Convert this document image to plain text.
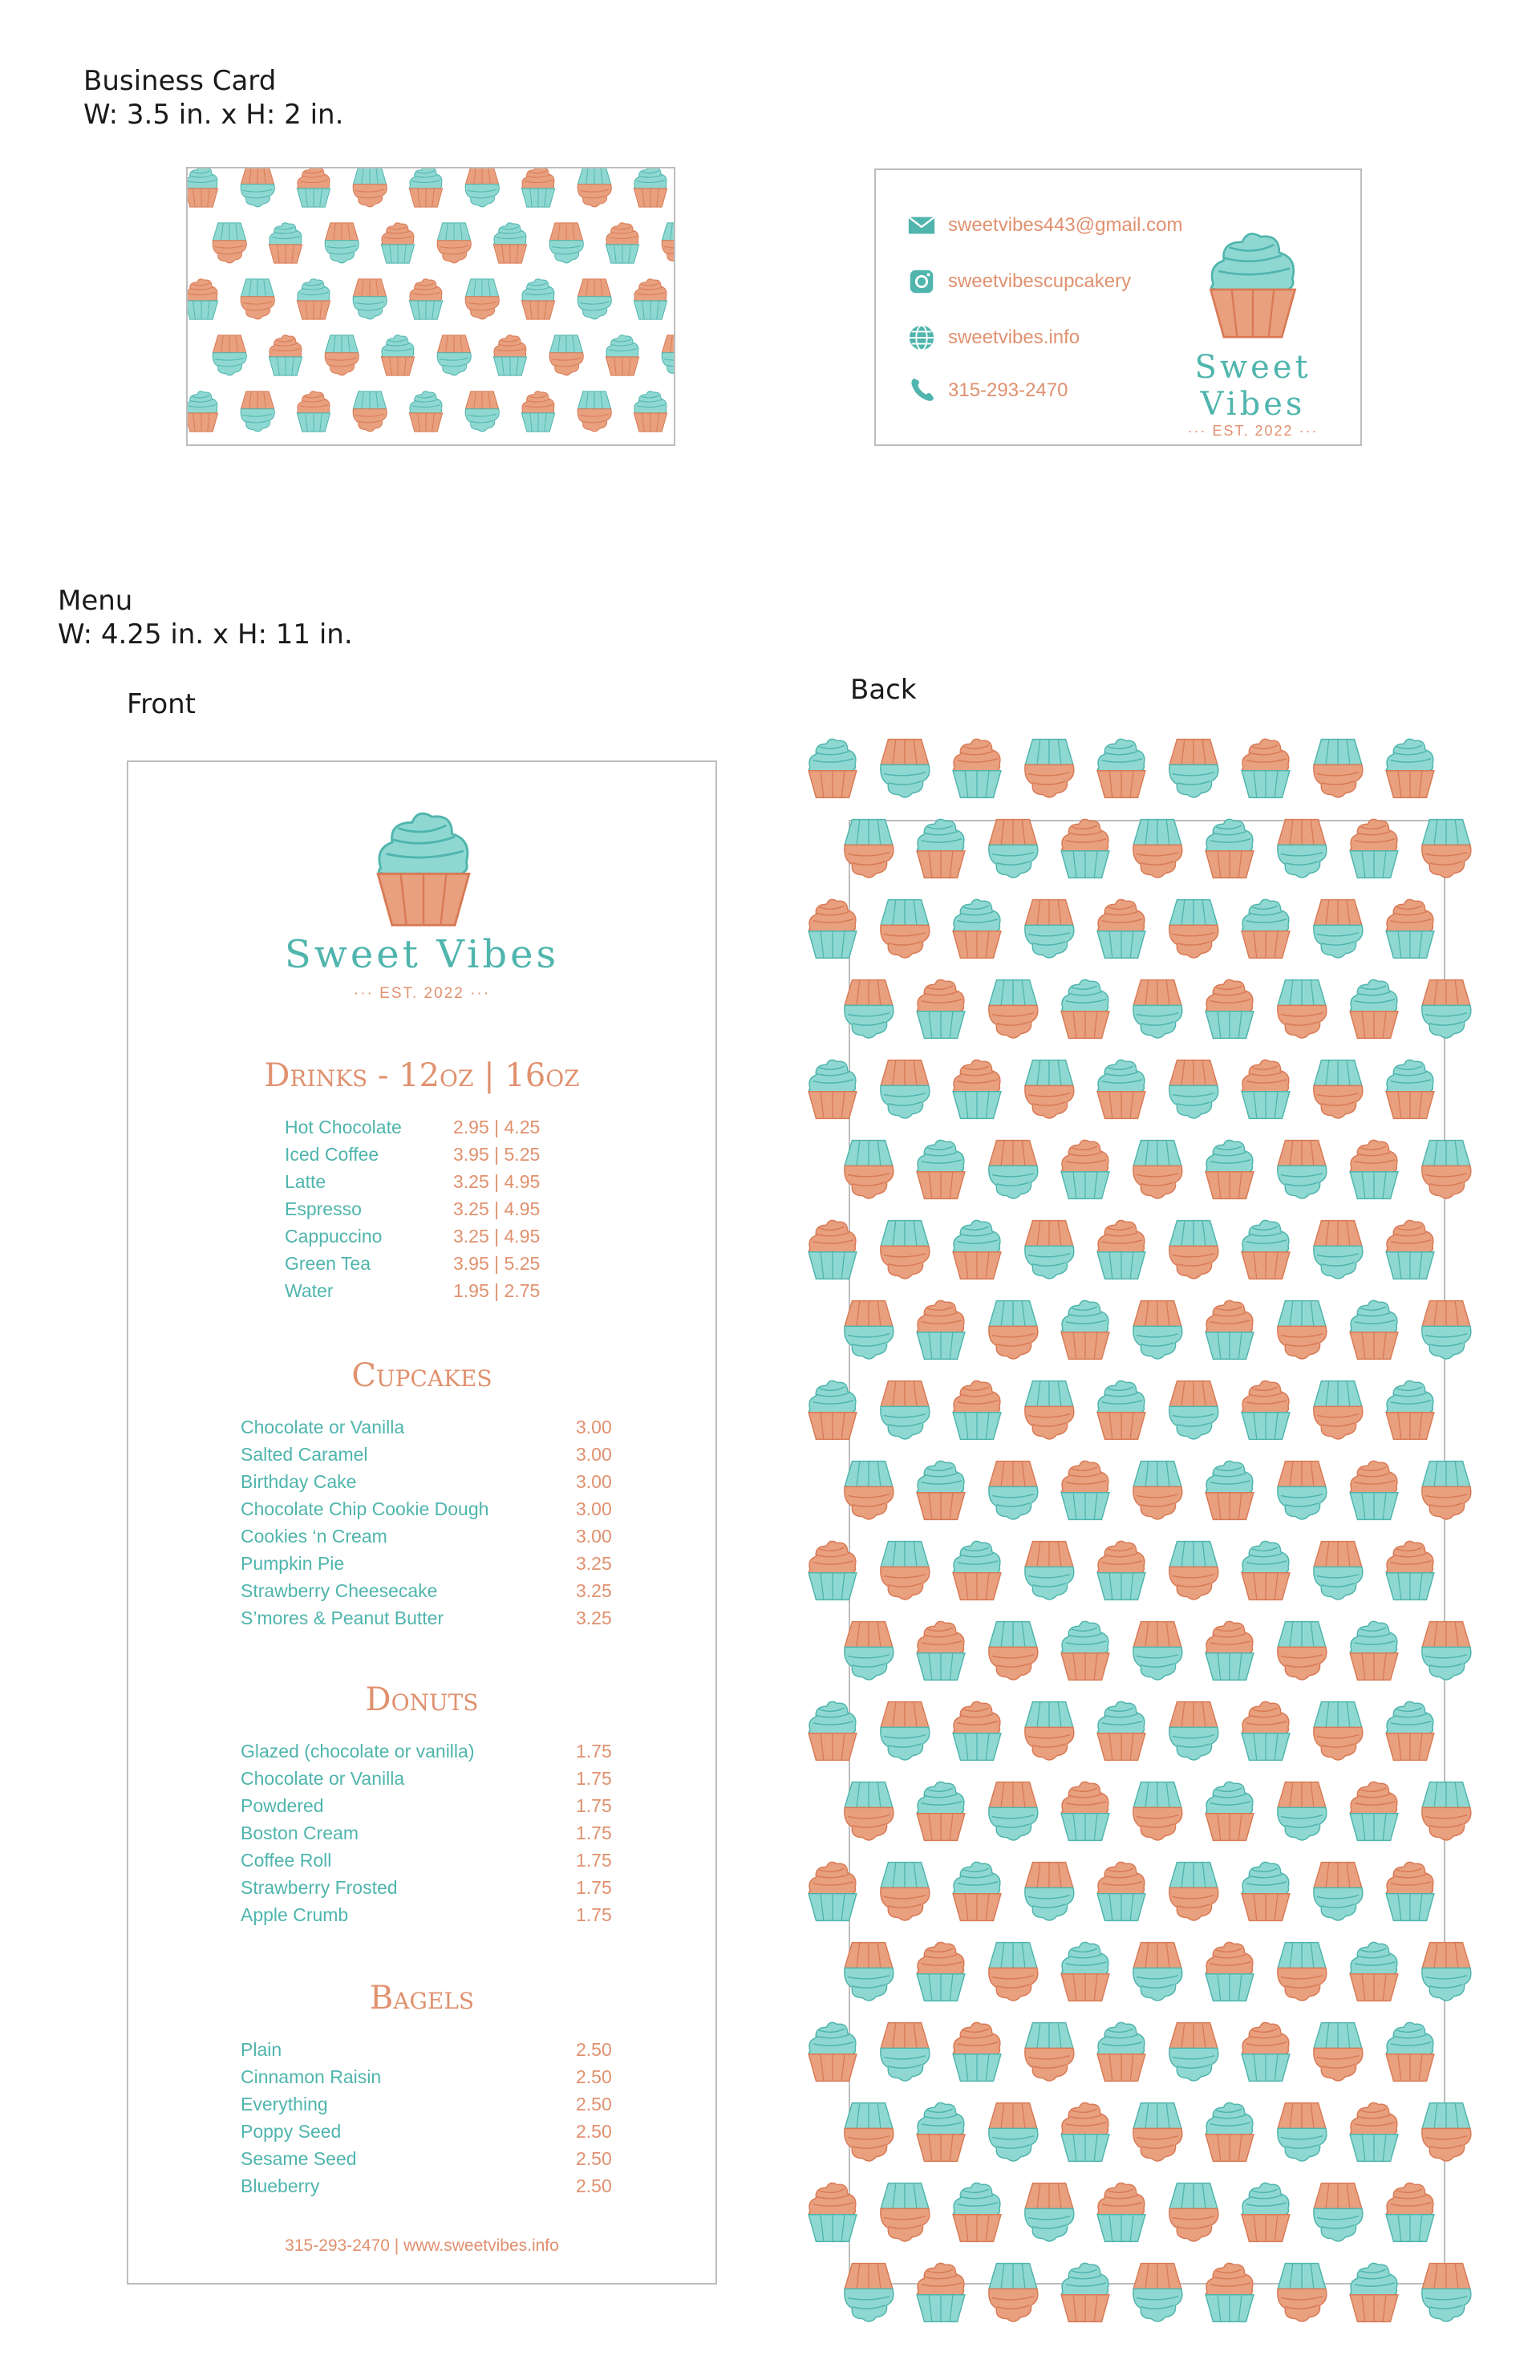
Business Card
W: 3.5 in. x H: 2 in.
sweetvibes443@gmail.com
sweetvibescupcakery
sweetvibes.info
315-293-2470
Sweet Vibes
··· EST. 2022 ···
Menu
W: 4.25 in. x H: 11 in.
Front	Back
Sweet Vibes
··· EST. 2022 ···
Drinks - 12oz | 16oz
Hot Chocolate	2.95 | 4.25
Iced Coffee	3.95 | 5.25
Latte	3.25 | 4.95
Espresso	3.25 | 4.95
Cappuccino	3.25 | 4.95
Green Tea	3.95 | 5.25
Water	1.95 | 2.75
Cupcakes
Chocolate or Vanilla	3.00
Salted Caramel	3.00
Birthday Cake	3.00
Chocolate Chip Cookie Dough	3.00
Cookies ‘n Cream	3.00
Pumpkin Pie	3.25
Strawberry Cheesecake	3.25
S’mores & Peanut Butter	3.25
Donuts
Glazed (chocolate or vanilla)	1.75
Chocolate or Vanilla	1.75
Powdered	1.75
Boston Cream	1.75
Coffee Roll	1.75
Strawberry Frosted	1.75
Apple Crumb	1.75
Bagels
Plain	2.50
Cinnamon Raisin	2.50
Everything	2.50
Poppy Seed	2.50
Sesame Seed	2.50
Blueberry	2.50
315-293-2470 | www.sweetvibes.info
